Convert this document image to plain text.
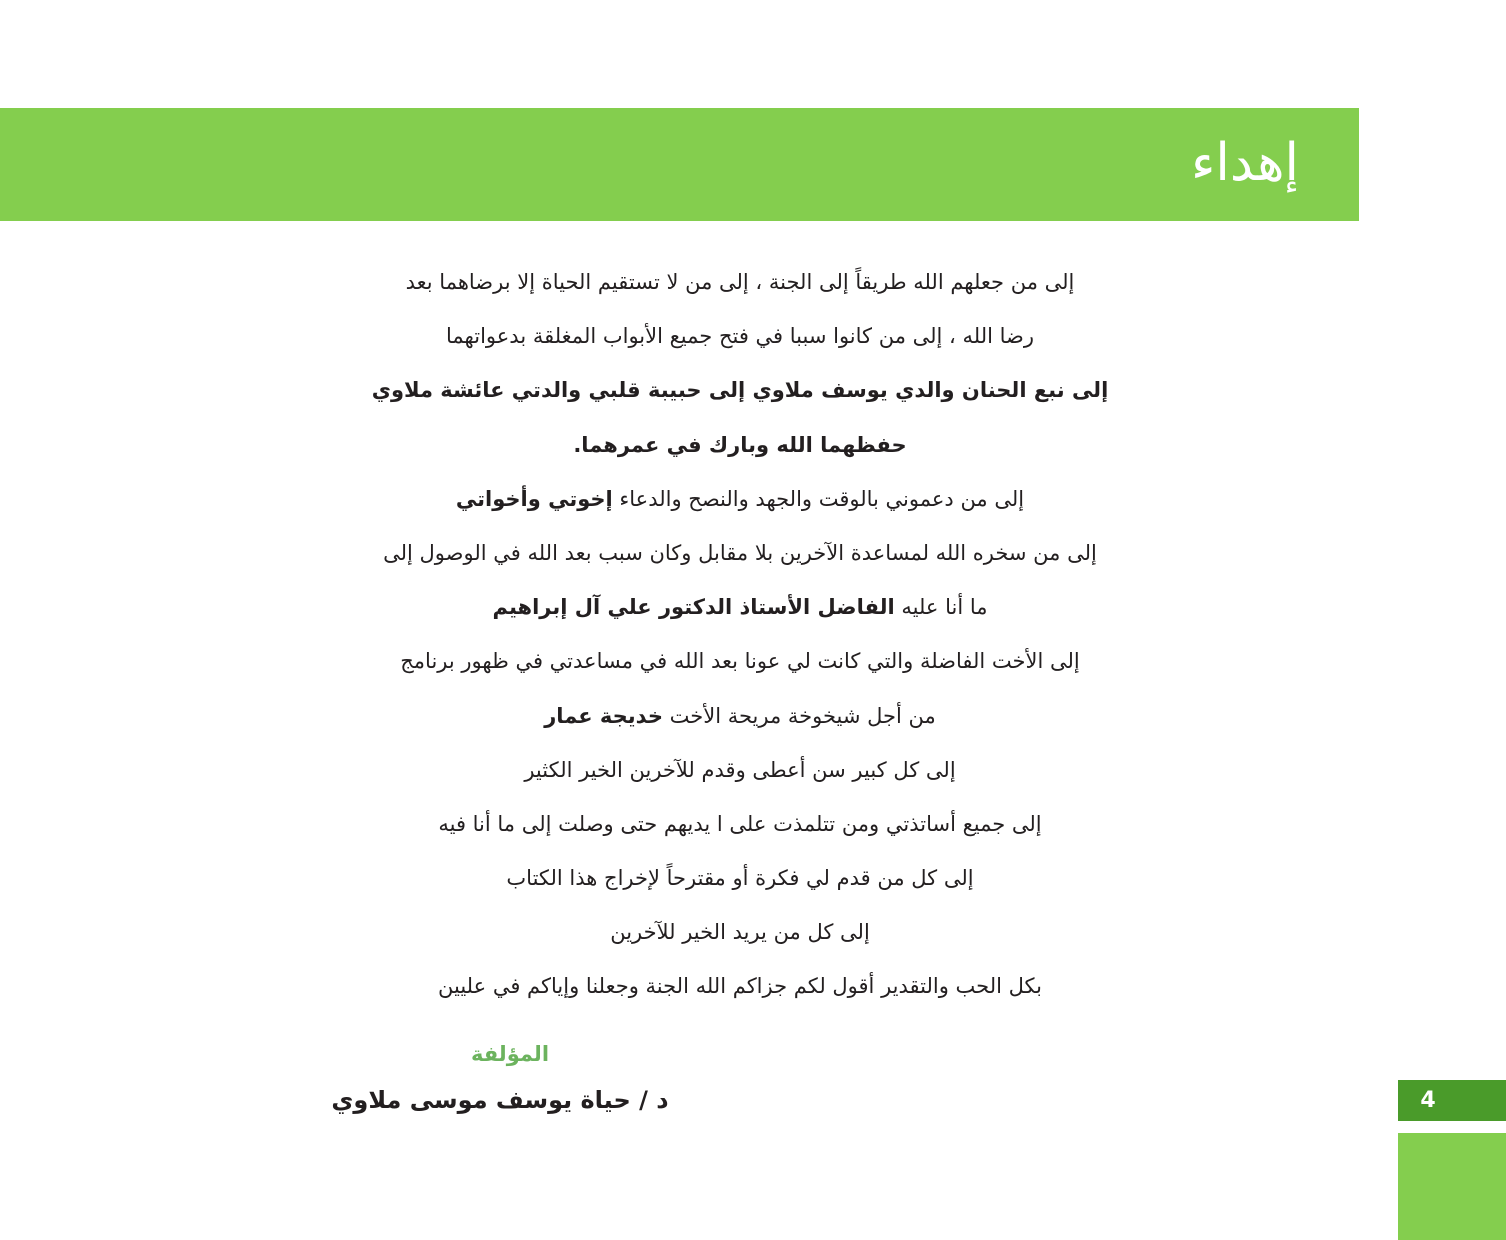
إهداء
إلى من جعلهم الله طريقاً إلى الجنة ، إلى من لا تستقيم الحياة إلا برضاهما بعد
رضا الله ، إلى من كانوا سببا في فتح جميع الأبواب المغلقة بدعواتهما
إلى نبع الحنان والدي يوسف ملاوي إلى حبيبة قلبي والدتي عائشة ملاوي
حفظهما الله وبارك في عمرهما.
إلى من دعموني بالوقت والجهد والنصح والدعاء إخوتي وأخواتي
إلى من سخره الله لمساعدة الآخرين بلا مقابل وكان سبب بعد الله في الوصول إلى
ما أنا عليه الفاضل الأستاذ الدكتور علي آل إبراهيم
إلى الأخت الفاضلة والتي كانت لي عونا بعد الله في مساعدتي في ظهور برنامج
من أجل شيخوخة مريحة الأخت خديجة عمار
إلى كل كبير سن أعطى وقدم للآخرين الخير الكثير
إلى جميع أساتذتي ومن تتلمذت على ا يديهم حتى وصلت إلى ما أنا فيه
إلى كل من قدم لي فكرة أو مقترحاً لإخراج هذا الكتاب
إلى كل من يريد الخير للآخرين
بكل الحب والتقدير أقول لكم جزاكم الله الجنة وجعلنا وإياكم في عليين
المؤلفة
د / حياة يوسف موسى ملاوي	4
